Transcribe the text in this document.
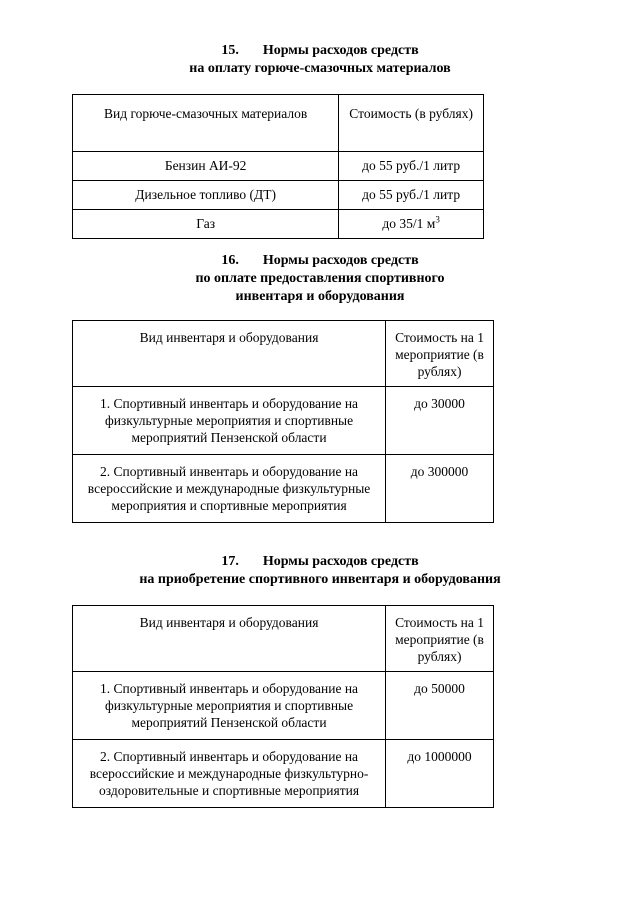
15. Нормы расходов средств
на оплату горюче-смазочных материалов
Вид горюче-смазочных материалов	Стоимость (в рублях)
Бензин АИ-92	до 55 руб./1 литр
Дизельное топливо (ДТ)	до 55 руб./1 литр
Газ	до 35/1 $м^3$
16. Нормы расходов средств
по оплате предоставления спортивного
инвентаря и оборудования
Вид инвентаря и оборудования	Стоимость на 1 мероприятие (в рублях)
1. Спортивный инвентарь и оборудование на физкультурные мероприятия и спортивные мероприятий Пензенской области	до 30000
2. Спортивный инвентарь и оборудование на всероссийские и международные физкультурные мероприятия и спортивные мероприятия	до 300000
17. Нормы расходов средств
на приобретение спортивного инвентаря и оборудования
Вид инвентаря и оборудования	Стоимость на 1 мероприятие (в рублях)
1. Спортивный инвентарь и оборудование на физкультурные мероприятия и спортивные мероприятий Пензенской области	до 50000
2. Спортивный инвентарь и оборудование на всероссийские и международные физкультурно-оздоровительные и спортивные мероприятия	до 1000000
